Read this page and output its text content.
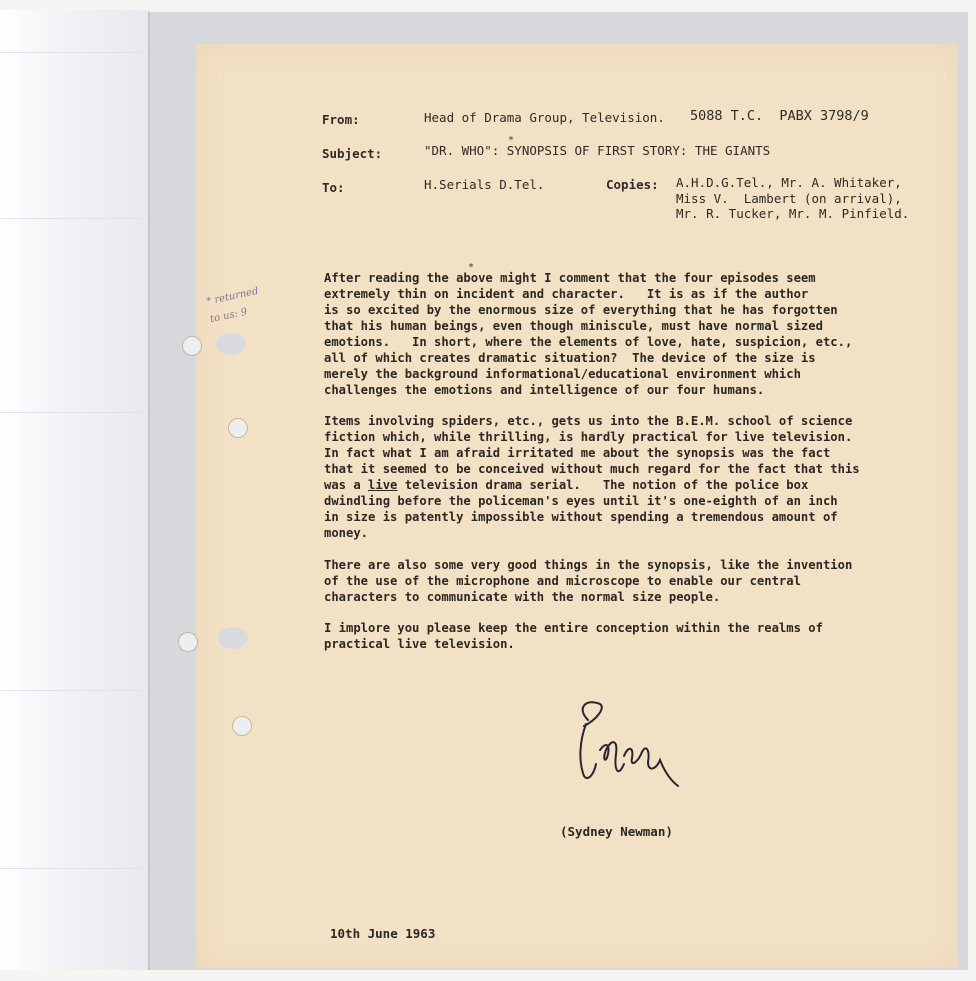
From:	Head of Drama Group, Television. 5088 T.C.  PABX 3798/9
Subject:	"DR. WHO": SYNOPSIS OF FIRST STORY: THE GIANTS
*
To:	H.Serials D.Tel.	Copies: A.H.D.G.Tel., Mr. A. Whitaker,
Miss V.  Lambert (on arrival),
Mr. R. Tucker, Mr. M. Pinfield.

After reading the above might I comment that the four episodes seem

extremely thin on incident and character.   It is as if the author

is so excited by the enormous size of everything that he has forgotten

that his human beings, even though miniscule, must have normal sized

emotions.   In short, where the elements of love, hate, suspicion, etc.,

all of which creates dramatic situation?  The device of the size is

merely the background informational/educational environment which

challenges the emotions and intelligence of our four humans.

*

Items involving spiders, etc., gets us into the B.E.M. school of science

fiction which, while thrilling, is hardly practical for live television.

In fact what I am afraid irritated me about the synopsis was the fact

that it seemed to be conceived without much regard for the fact that this

was a live television drama serial.   The notion of the police box

dwindling before the policeman's eyes until it's one-eighth of an inch

in size is patently impossible without spending a tremendous amount of

money.

There are also some very good things in the synopsis, like the invention

of the use of the microphone and microscope to enable our central

characters to communicate with the normal size people.

I implore you please keep the entire conception within the realms of

practical live television.

* returned
to us: 9
(Sydney Newman)
10th June 1963
